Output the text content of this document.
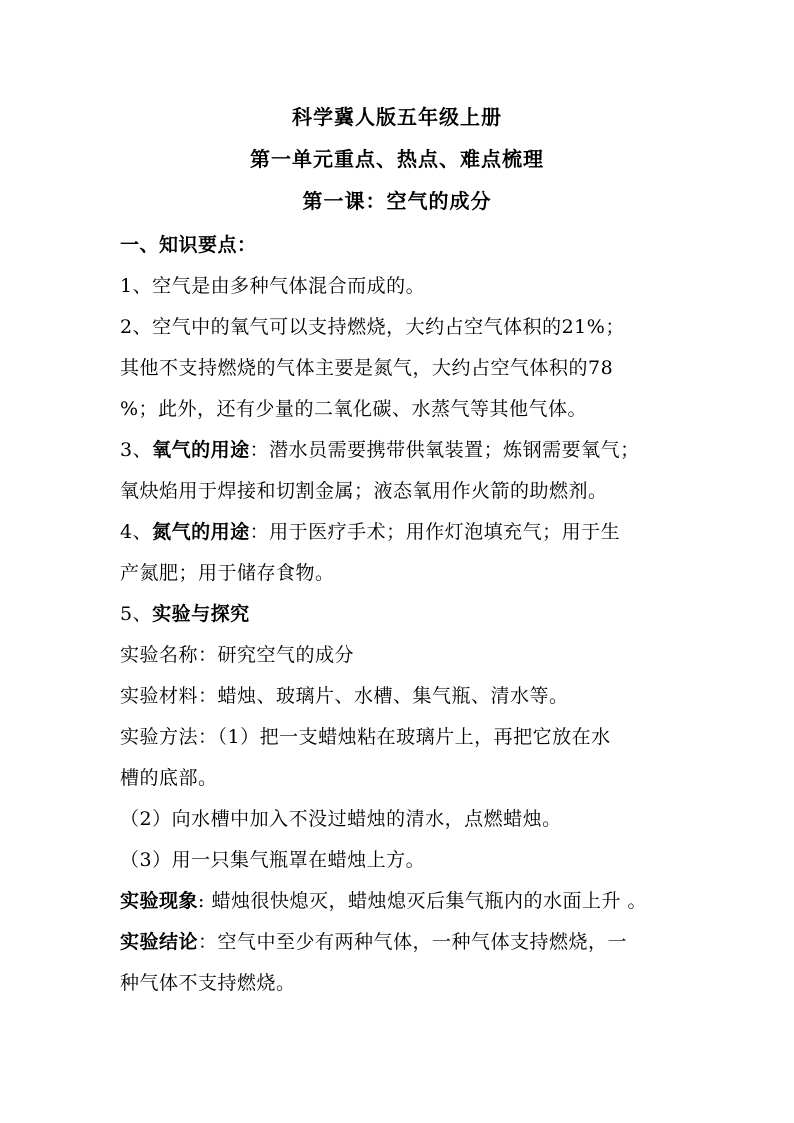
科学冀人版五年级上册
第一单元重点、热点、难点梳理
第一课：空气的成分
一、知识要点：
1、空气是由多种气体混合而成的。
2、空气中的氧气可以支持燃烧，大约占空气体积的21%；
其他不支持燃烧的气体主要是氮气，大约占空气体积的78
%；此外，还有少量的二氧化碳、水蒸气等其他气体。
3、氧气的用途：潜水员需要携带供氧装置；炼钢需要氧气；
氧炔焰用于焊接和切割金属；液态氧用作火箭的助燃剂。
4、氮气的用途：用于医疗手术；用作灯泡填充气；用于生
产氮肥；用于储存食物。
5、实验与探究
实验名称：研究空气的成分
实验材料：蜡烛、玻璃片、水槽、集气瓶、清水等。
实验方法：（1）把一支蜡烛粘在玻璃片上，再把它放在水
槽的底部。
（2）向水槽中加入不没过蜡烛的清水，点燃蜡烛。
（3）用一只集气瓶罩在蜡烛上方。
实验现象: 蜡烛很快熄灭，蜡烛熄灭后集气瓶内的水面上升 。
实验结论：空气中至少有两种气体，一种气体支持燃烧，一
种气体不支持燃烧。
